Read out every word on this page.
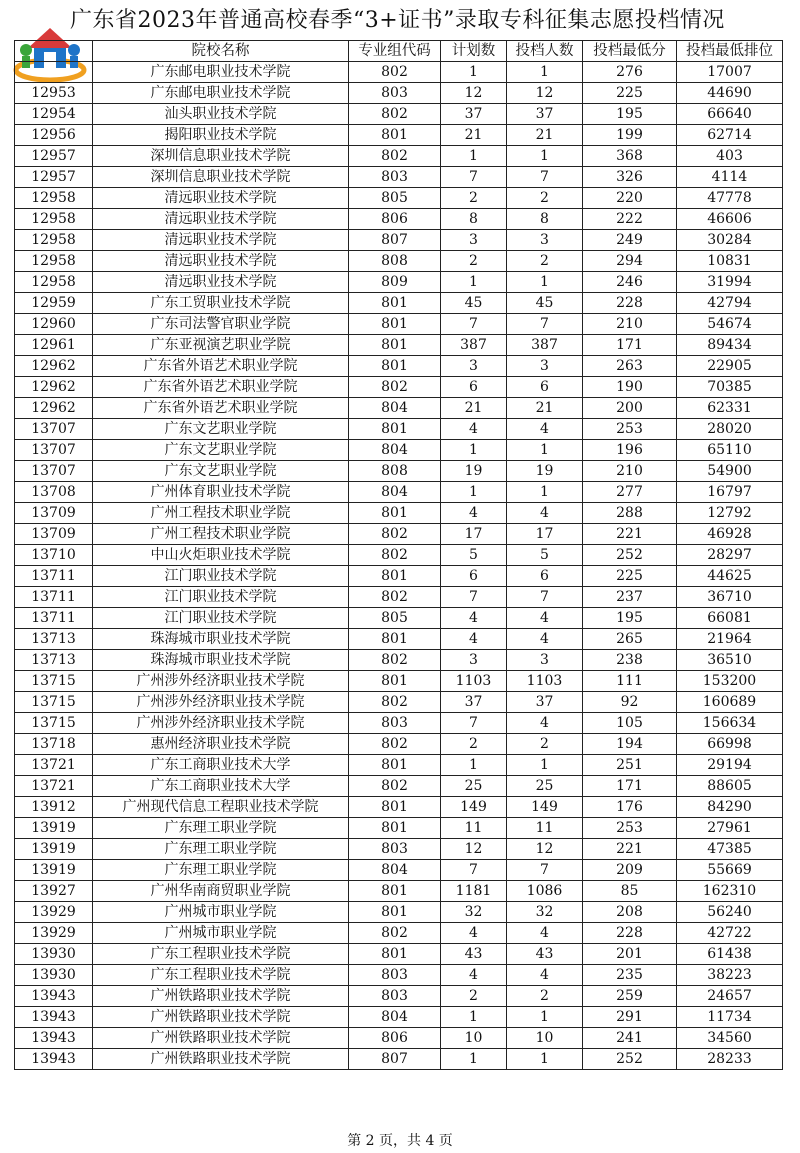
广东省2023年普通高校春季“3+证书”录取专科征集志愿投档情况
	院校名称	专业组代码	计划数	投档人数	投档最低分	投档最低排位
	广东邮电职业技术学院	802	1	1	276	17007
12953	广东邮电职业技术学院	803	12	12	225	44690
12954	汕头职业技术学院	802	37	37	195	66640
12956	揭阳职业技术学院	801	21	21	199	62714
12957	深圳信息职业技术学院	802	1	1	368	403
12957	深圳信息职业技术学院	803	7	7	326	4114
12958	清远职业技术学院	805	2	2	220	47778
12958	清远职业技术学院	806	8	8	222	46606
12958	清远职业技术学院	807	3	3	249	30284
12958	清远职业技术学院	808	2	2	294	10831
12958	清远职业技术学院	809	1	1	246	31994
12959	广东工贸职业技术学院	801	45	45	228	42794
12960	广东司法警官职业学院	801	7	7	210	54674
12961	广东亚视演艺职业学院	801	387	387	171	89434
12962	广东省外语艺术职业学院	801	3	3	263	22905
12962	广东省外语艺术职业学院	802	6	6	190	70385
12962	广东省外语艺术职业学院	804	21	21	200	62331
13707	广东文艺职业学院	801	4	4	253	28020
13707	广东文艺职业学院	804	1	1	196	65110
13707	广东文艺职业学院	808	19	19	210	54900
13708	广州体育职业技术学院	804	1	1	277	16797
13709	广州工程技术职业学院	801	4	4	288	12792
13709	广州工程技术职业学院	802	17	17	221	46928
13710	中山火炬职业技术学院	802	5	5	252	28297
13711	江门职业技术学院	801	6	6	225	44625
13711	江门职业技术学院	802	7	7	237	36710
13711	江门职业技术学院	805	4	4	195	66081
13713	珠海城市职业技术学院	801	4	4	265	21964
13713	珠海城市职业技术学院	802	3	3	238	36510
13715	广州涉外经济职业技术学院	801	1103	1103	111	153200
13715	广州涉外经济职业技术学院	802	37	37	92	160689
13715	广州涉外经济职业技术学院	803	7	4	105	156634
13718	惠州经济职业技术学院	802	2	2	194	66998
13721	广东工商职业技术大学	801	1	1	251	29194
13721	广东工商职业技术大学	802	25	25	171	88605
13912	广州现代信息工程职业技术学院	801	149	149	176	84290
13919	广东理工职业学院	801	11	11	253	27961
13919	广东理工职业学院	803	12	12	221	47385
13919	广东理工职业学院	804	7	7	209	55669
13927	广州华南商贸职业学院	801	1181	1086	85	162310
13929	广州城市职业学院	801	32	32	208	56240
13929	广州城市职业学院	802	4	4	228	42722
13930	广东工程职业技术学院	801	43	43	201	61438
13930	广东工程职业技术学院	803	4	4	235	38223
13943	广州铁路职业技术学院	803	2	2	259	24657
13943	广州铁路职业技术学院	804	1	1	291	11734
13943	广州铁路职业技术学院	806	10	10	241	34560
13943	广州铁路职业技术学院	807	1	1	252	28233
第 2 页，共 4 页
